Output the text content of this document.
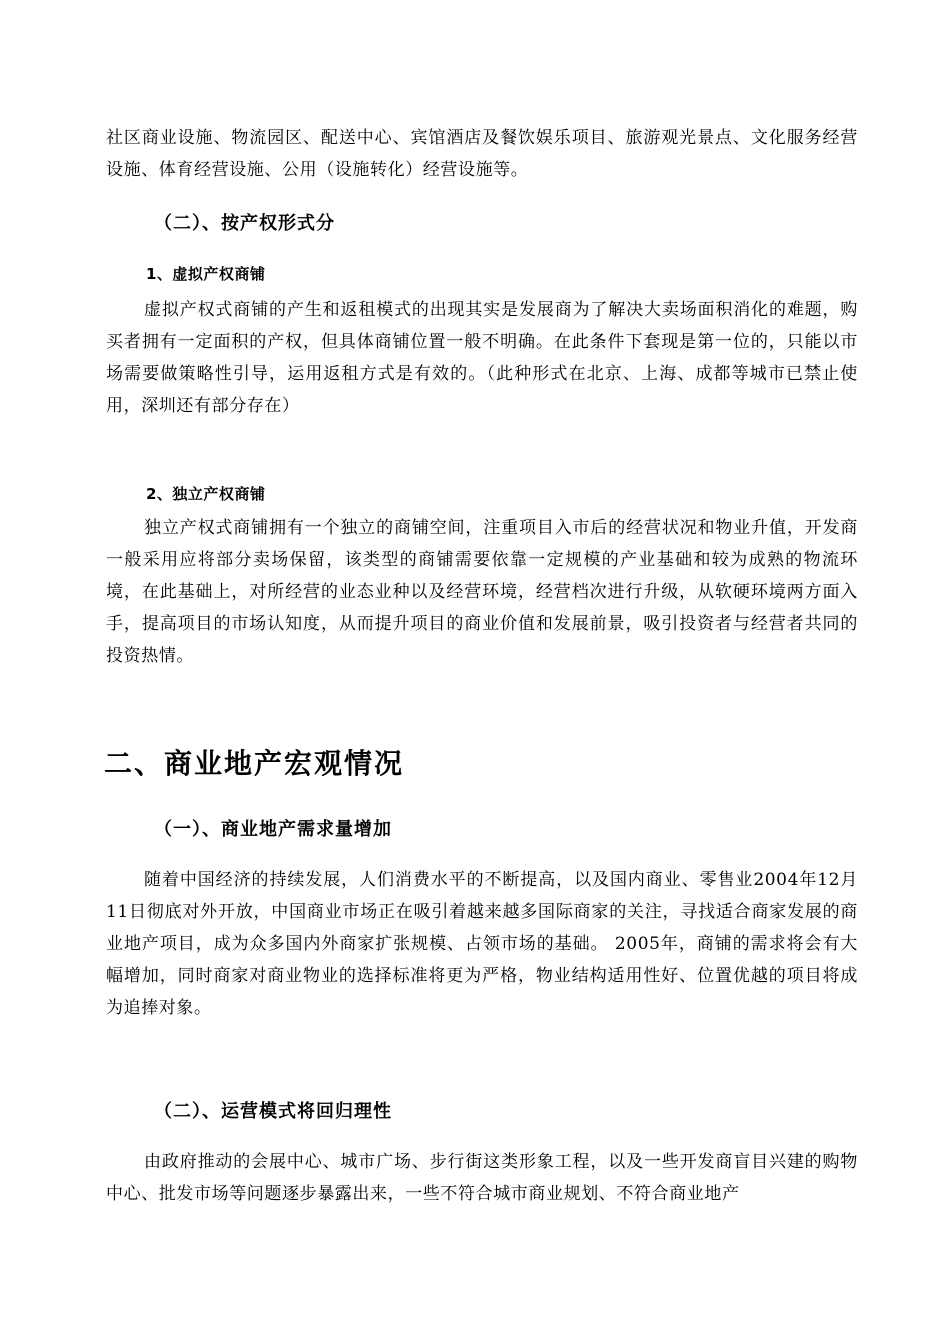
社区商业设施、物流园区、配送中心、宾馆酒店及餐饮娱乐项目、旅游观光景点、文化服务经营设施、体育经营设施、公用（设施转化）经营设施等。

（二）、按产权形式分
1、虚拟产权商铺

虚拟产权式商铺的产生和返租模式的出现其实是发展商为了解决大卖场面积消化的难题，购买者拥有一定面积的产权，但具体商铺位置一般不明确。在此条件下套现是第一位的，只能以市场需要做策略性引导，运用返租方式是有效的。（此种形式在北京、上海、成都等城市已禁止使用，深圳还有部分存在）

2、独立产权商铺

独立产权式商铺拥有一个独立的商铺空间，注重项目入市后的经营状况和物业升值，开发商一般采用应将部分卖场保留，该类型的商铺需要依靠一定规模的产业基础和较为成熟的物流环境，在此基础上，对所经营的业态业种以及经营环境，经营档次进行升级，从软硬环境两方面入手，提高项目的市场认知度，从而提升项目的商业价值和发展前景，吸引投资者与经营者共同的投资热情。

二、商业地产宏观情况
（一）、商业地产需求量增加

随着中国经济的持续发展，人们消费水平的不断提高，以及国内商业、零售业2004年12月11日彻底对外开放，中国商业市场正在吸引着越来越多国际商家的关注，寻找适合商家发展的商业地产项目，成为众多国内外商家扩张规模、占领市场的基础。 2005年，商铺的需求将会有大幅增加，同时商家对商业物业的选择标准将更为严格，物业结构适用性好、位置优越的项目将成为追捧对象。

（二）、运营模式将回归理性

由政府推动的会展中心、城市广场、步行街这类形象工程，以及一些开发商盲目兴建的购物中心、批发市场等问题逐步暴露出来，一些不符合城市商业规划、不符合商业地产
